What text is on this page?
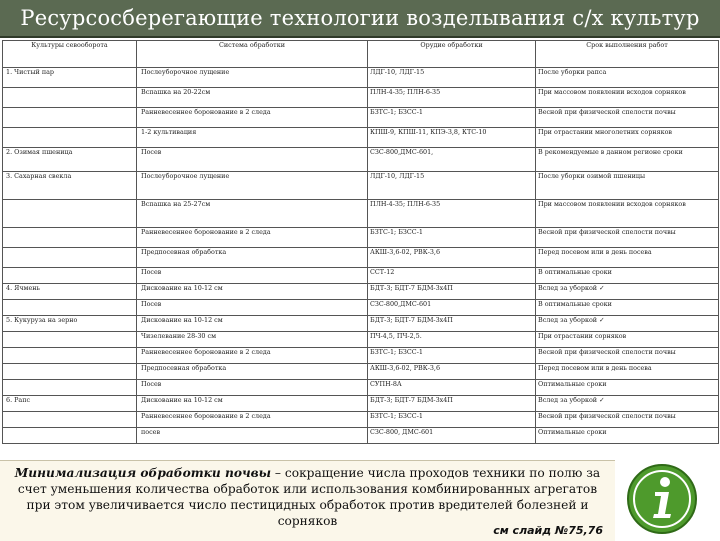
Ресурсосберегающие технологии возделывания с/х культур
Культуры севооборота	Система обработки	Орудие обработки	Срок выполнения работ
1. Чистый пар	Послеуборочное лущение	ЛДГ-10, ЛДГ-15	После уборки рапса
	Вспашка на 20-22см	ПЛН-4-35; ПЛН-6-35	При массовом появлении всходов сорняков
	Ранневесеннее боронование в 2 следа	БЗТС-1; БЗСС-1	Весной при физической спелости почвы
	1-2 культивация	КПШ-9, КПШ-11, КПЭ-3,8, КТС-10	При отрастании многолетних сорняков
2. Озимая пшеница	Посев	СЗС-800,ДМС-601,	В рекомендуемые в данном регионе сроки
3. Сахарная свекла	Послеуборочное лущение	ЛДГ-10, ЛДГ-15	После уборки озимой пшеницы
	Вспашка на 25-27см	ПЛН-4-35; ПЛН-6-35	При массовом появлении всходов сорняков
	Ранневесеннее боронование в 2 следа	БЗТС-1; БЗСС-1	Весной при физической спелости почвы
	Предпосевная обработка	АКШ-3,6-02, РВК-3,6	Перед посевом или в день посева
	Посев	ССТ-12	В оптимальные сроки
4. Ячмень	Дискование на 10-12 см	БДТ-3; БДТ-7 БДМ-3х4П	Вслед за уборкой ✓
	Посев	СЗС-800,ДМС-601	В оптимальные сроки
5. Кукуруза на зерно	Дискование на 10-12 см	БДТ-3; БДТ-7 БДМ-3х4П	Вслед за уборкой ✓
	Чизелевание 28-30 см	ПЧ-4,5, ПЧ-2,5.	При отрастании сорняков
	Ранневесеннее боронование в 2 следа	БЗТС-1; БЗСС-1	Весной при физической спелости почвы
	Предпосевная обработка	АКШ-3,6-02, РВК-3,6	Перед посевом или в день посева
	Посев	СУПН-8А	Оптимальные сроки
6. Рапс	Дискование на 10-12 см	БДТ-3; БДТ-7 БДМ-3х4П	Вслед за уборкой ✓
	Ранневесеннее боронование в 2 следа	БЗТС-1; БЗСС-1	Весной при физической спелости почвы
	посев	СЗС-800, ДМС-601	Оптимальные сроки

Минимализация обработки почвы – сокращение числа проходов техники по полю за счет уменьшения количества обработок или использования комбинированных агрегатов при этом увеличивается число пестицидных обработок против вредителей болезней и сорняков

см слайд №75,76
